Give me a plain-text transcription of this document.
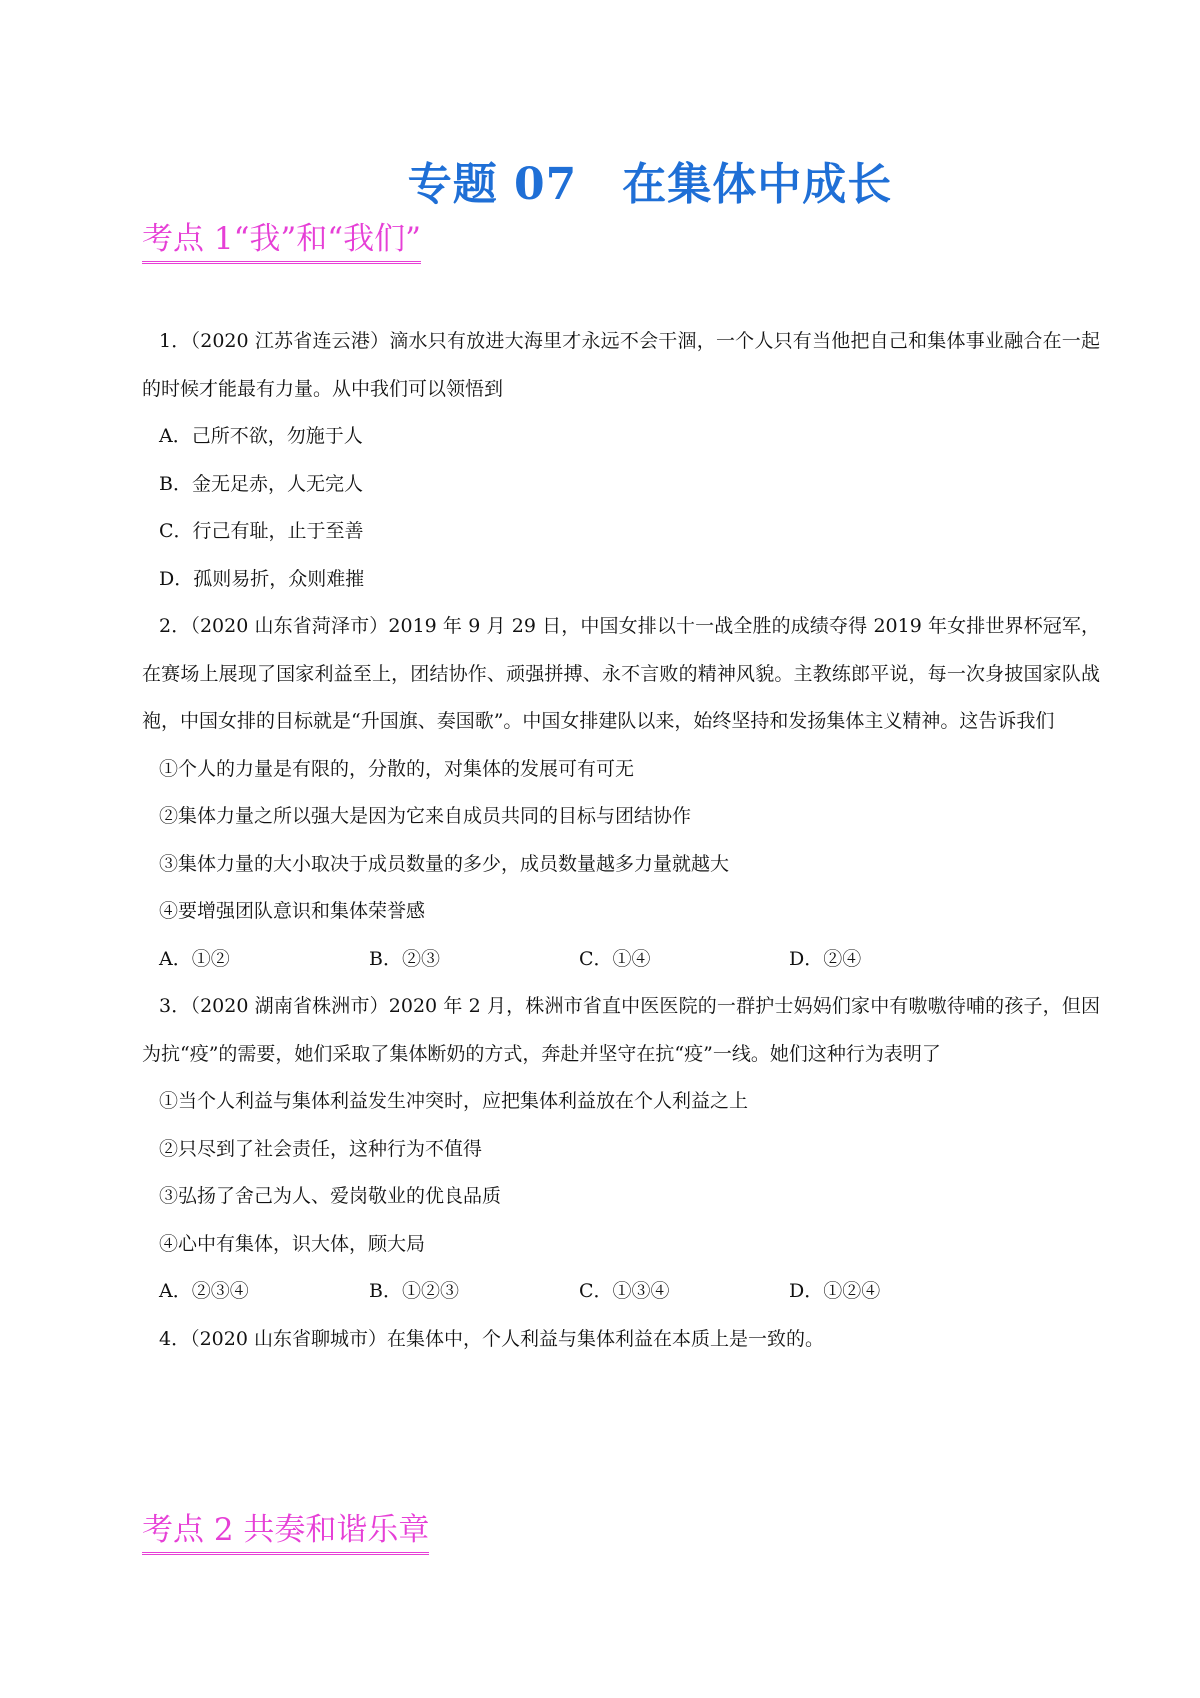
专题 07　在集体中成长
考点 1“我”和“我们”

1．（2020 江苏省连云港）滴水只有放进大海里才永远不会干涸，一个人只有当他把自己和集体事业融合在一起的时候才能最有力量。从中我们可以领悟到

A．己所不欲，勿施于人

B．金无足赤，人无完人

C．行己有耻，止于至善

D．孤则易折，众则难摧

2．（2020 山东省菏泽市）2019 年 9 月 29 日，中国女排以十一战全胜的成绩夺得 2019 年女排世界杯冠军，在赛场上展现了国家利益至上，团结协作、顽强拼搏、永不言败的精神风貌。主教练郎平说，每一次身披国家队战袍，中国女排的目标就是“升国旗、奏国歌”。中国女排建队以来，始终坚持和发扬集体主义精神。这告诉我们

①个人的力量是有限的，分散的，对集体的发展可有可无

②集体力量之所以强大是因为它来自成员共同的目标与团结协作

③集体力量的大小取决于成员数量的多少，成员数量越多力量就越大

④要增强团队意识和集体荣誉感

A．①②	B．②③	C．①④	D．②④

3．（2020 湖南省株洲市）2020 年 2 月，株洲市省直中医医院的一群护士妈妈们家中有嗷嗷待哺的孩子，但因为抗“疫”的需要，她们采取了集体断奶的方式，奔赴并坚守在抗“疫”一线。她们这种行为表明了

①当个人利益与集体利益发生冲突时，应把集体利益放在个人利益之上

②只尽到了社会责任，这种行为不值得

③弘扬了舍己为人、爱岗敬业的优良品质

④心中有集体，识大体，顾大局

A．②③④	B．①②③	C．①③④	D．①②④

4．（2020 山东省聊城市）在集体中，个人利益与集体利益在本质上是一致的。

考点 2 共奏和谐乐章
